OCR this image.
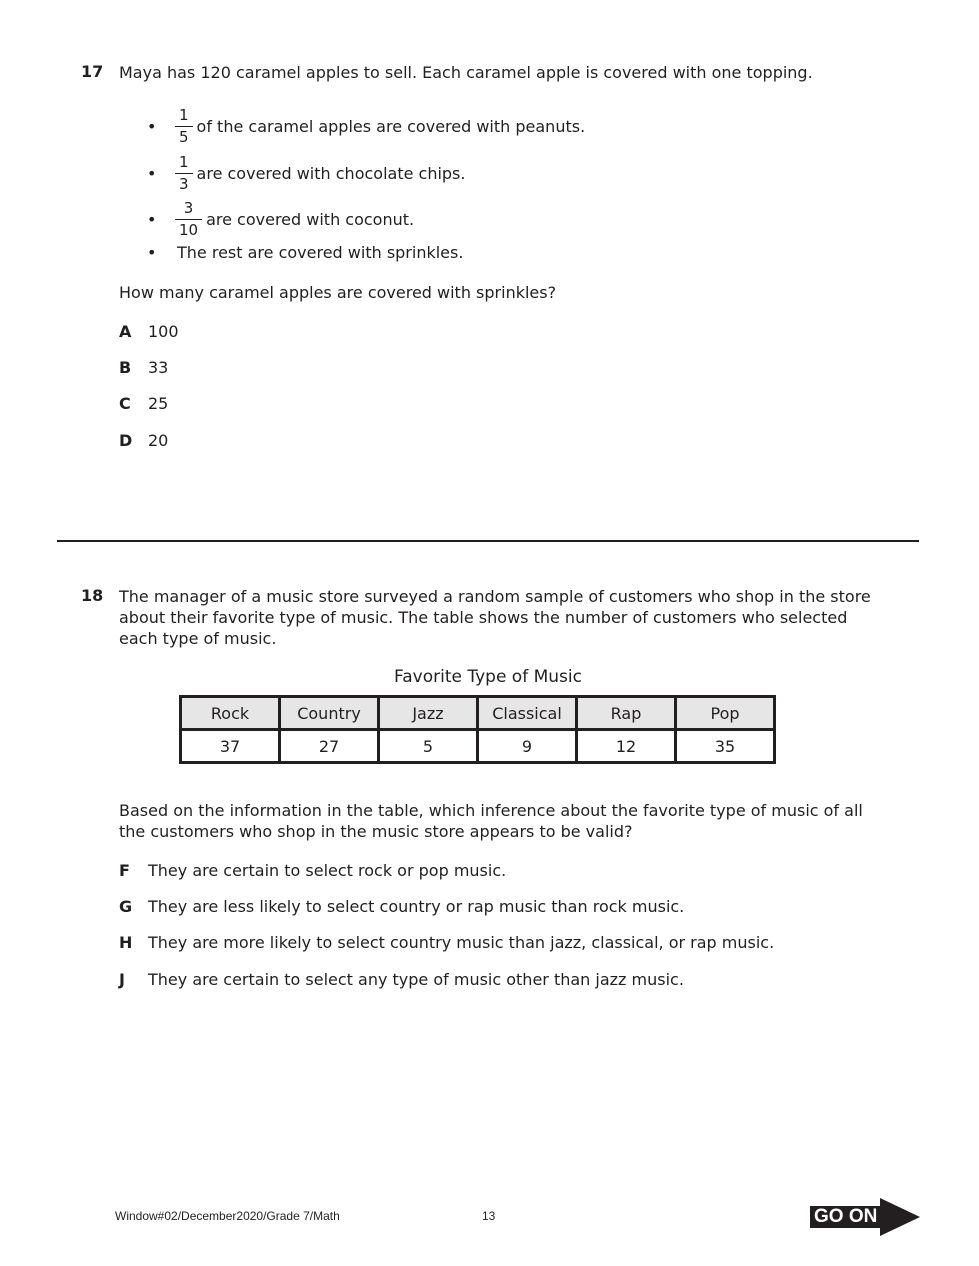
17 Maya has 120 caramel apples to sell. Each caramel apple is covered with one topping.
•	$\frac{1}{5}$ of the caramel apples are covered with peanuts.
•	$\frac{1}{3}$ are covered with chocolate chips.
•	$\frac{3}{10}$ are covered with coconut.
•	The rest are covered with sprinkles.
How many caramel apples are covered with sprinkles?
A 100
B 33
C 25
D 20
18 The manager of a music store surveyed a random sample of customers who shop in the store
about their favorite type of music. The table shows the number of customers who selected
each type of music.
Favorite Type of Music
Rock	Country	Jazz	Classical	Rap	Pop
37	27	5	9	12	35
Based on the information in the table, which inference about the favorite type of music of all
the customers who shop in the music store appears to be valid?
F They are certain to select rock or pop music.
G They are less likely to select country or rap music than rock music.
H They are more likely to select country music than jazz, classical, or rap music.
J They are certain to select any type of music other than jazz music.
Window#02/December2020/Grade 7/Math	13	GO ON
